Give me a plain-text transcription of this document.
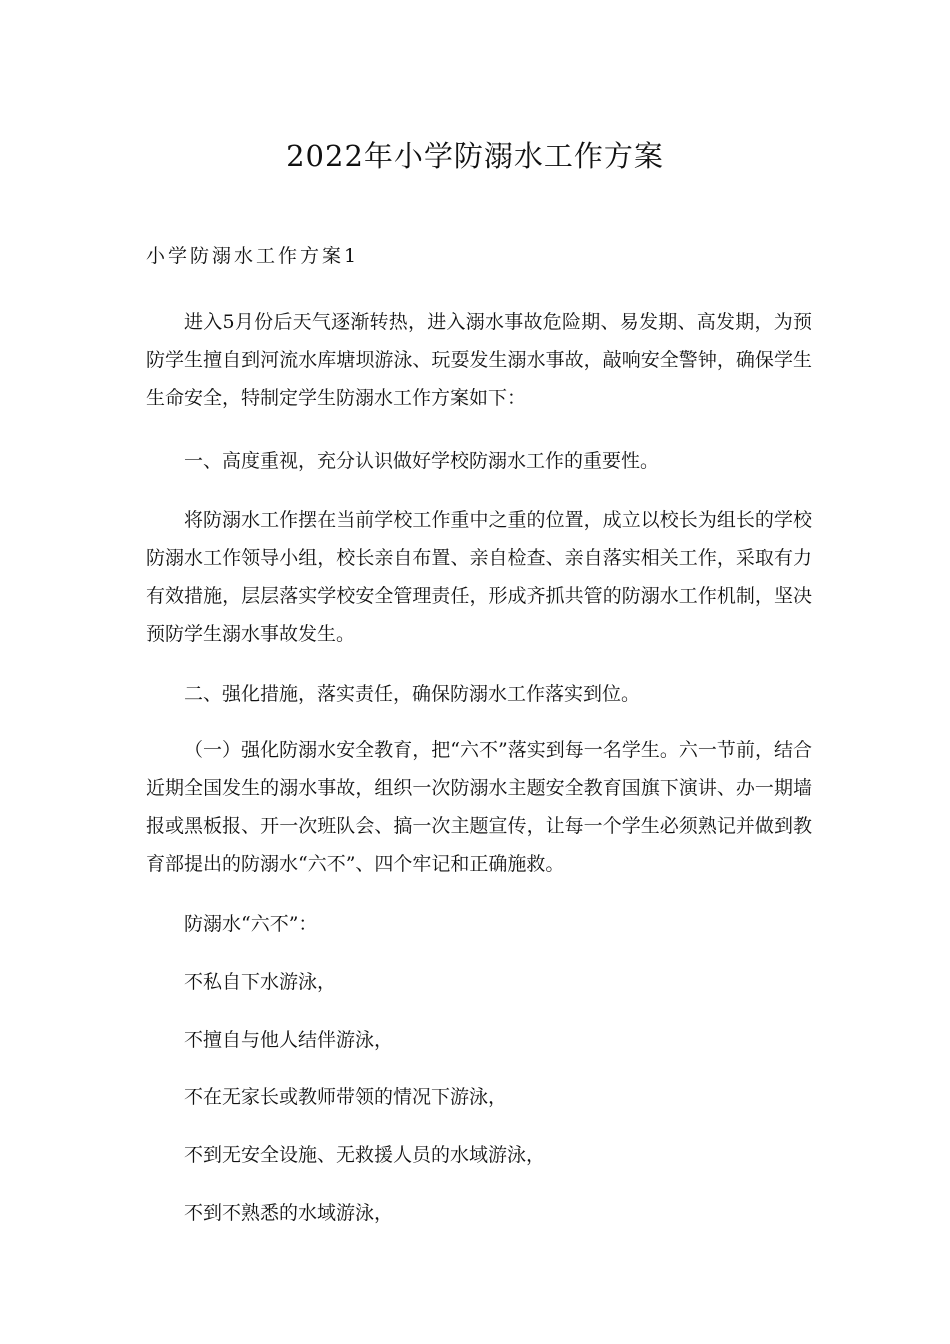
2022年小学防溺水工作方案
小学防溺水工作方案1

进入5月份后天气逐渐转热，进入溺水事故危险期、易发期、高发期，为预防学生擅自到河流水库塘坝游泳、玩耍发生溺水事故，敲响安全警钟，确保学生生命安全，特制定学生防溺水工作方案如下：

一、高度重视，充分认识做好学校防溺水工作的重要性。

将防溺水工作摆在当前学校工作重中之重的位置，成立以校长为组长的学校防溺水工作领导小组，校长亲自布置、亲自检查、亲自落实相关工作，采取有力有效措施，层层落实学校安全管理责任，形成齐抓共管的防溺水工作机制，坚决预防学生溺水事故发生。

二、强化措施，落实责任，确保防溺水工作落实到位。

（一）强化防溺水安全教育，把“六不”落实到每一名学生。六一节前，结合近期全国发生的溺水事故，组织一次防溺水主题安全教育国旗下演讲、办一期墙报或黑板报、开一次班队会、搞一次主题宣传，让每一个学生必须熟记并做到教育部提出的防溺水“六不”、四个牢记和正确施救。

防溺水“六不”：

不私自下水游泳，

不擅自与他人结伴游泳，

不在无家长或教师带领的情况下游泳，

不到无安全设施、无救援人员的水域游泳，

不到不熟悉的水域游泳，
